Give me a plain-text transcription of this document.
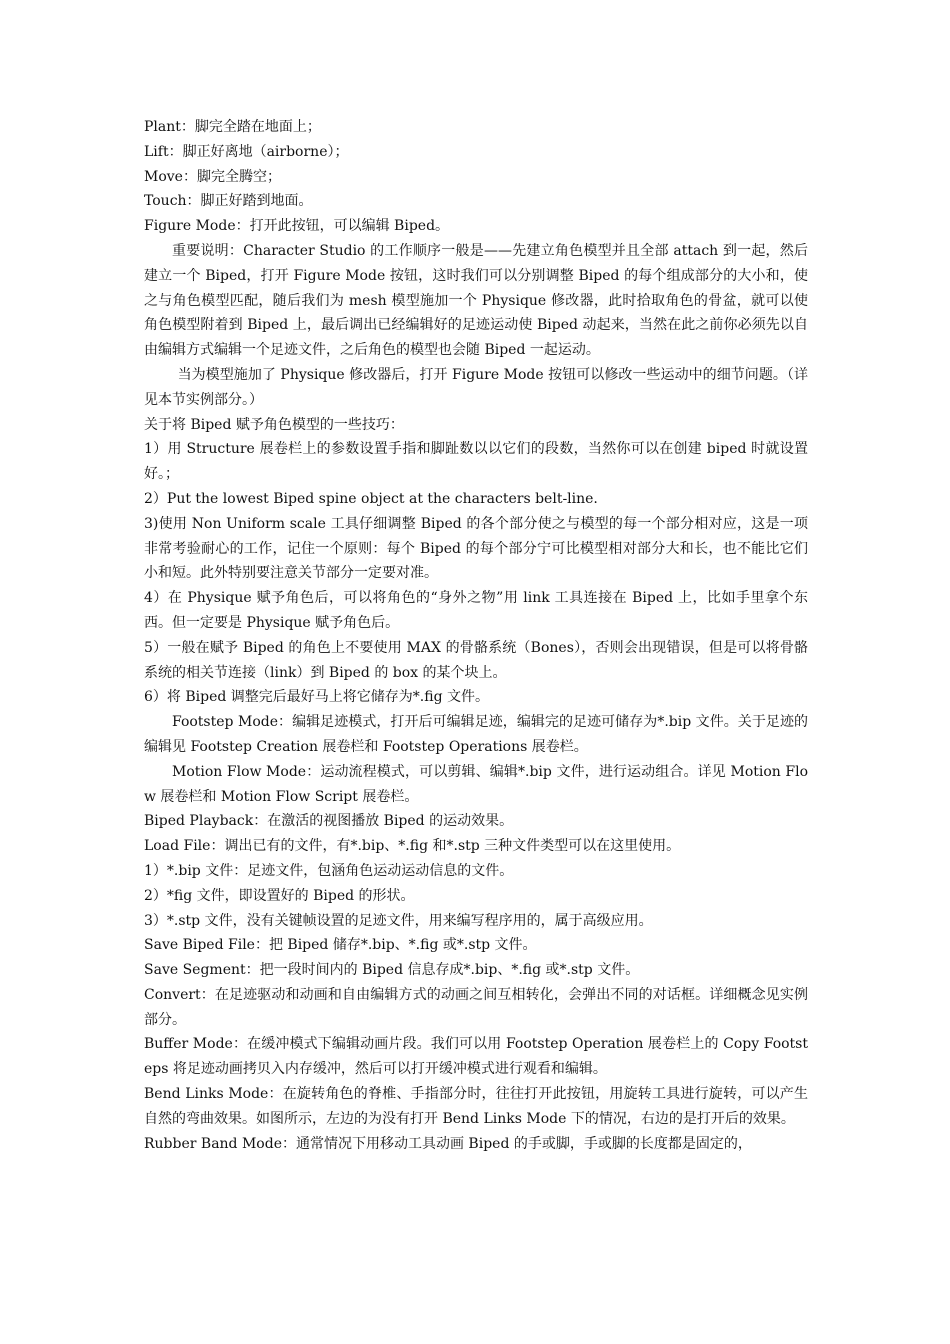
Plant：脚完全踏在地面上；

Lift：脚正好离地（airborne）；

Move：脚完全腾空；

Touch：脚正好踏到地面。

Figure Mode：打开此按钮，可以编辑 Biped。

重要说明：Character Studio 的工作顺序一般是——先建立角色模型并且全部 attach 到一起，然后建立一个 Biped，打开 Figure Mode 按钮，这时我们可以分别调整 Biped 的每个组成部分的大小和，使之与角色模型匹配，随后我们为 mesh 模型施加一个 Physique 修改器，此时拾取角色的骨盆，就可以使角色模型附着到 Biped 上，最后调出已经编辑好的足迹运动使 Biped 动起来，当然在此之前你必须先以自由编辑方式编辑一个足迹文件，之后角色的模型也会随 Biped 一起运动。

当为模型施加了 Physique 修改器后，打开 Figure Mode 按钮可以修改一些运动中的细节问题。（详见本节实例部分。）

关于将 Biped 赋予角色模型的一些技巧：

1）用 Structure 展卷栏上的参数设置手指和脚趾数以以它们的段数，当然你可以在创建 biped 时就设置好。；

2）Put the lowest Biped spine object at the characters belt-line.

3)使用 Non Uniform scale 工具仔细调整 Biped 的各个部分使之与模型的每一个部分相对应，这是一项非常考验耐心的工作，记住一个原则：每个 Biped 的每个部分宁可比模型相对部分大和长，也不能比它们小和短。此外特别要注意关节部分一定要对准。

4）在 Physique 赋予角色后，可以将角色的“身外之物”用 link 工具连接在 Biped 上，比如手里拿个东西。但一定要是 Physique 赋予角色后。

5）一般在赋予 Biped 的角色上不要使用 MAX 的骨骼系统（Bones），否则会出现错误，但是可以将骨骼系统的相关节连接（link）到 Biped 的 box 的某个块上。

6）将 Biped 调整完后最好马上将它储存为*.fig 文件。

Footstep Mode：编辑足迹模式，打开后可编辑足迹，编辑完的足迹可储存为*.bip 文件。关于足迹的编辑见 Footstep Creation 展卷栏和 Footstep Operations 展卷栏。

Motion Flow Mode：运动流程模式，可以剪辑、编辑*.bip 文件，进行运动组合。详见 Motion Flow 展卷栏和 Motion Flow Script 展卷栏。

Biped Playback：在激活的视图播放 Biped 的运动效果。

Load File：调出已有的文件，有*.bip、*.fig 和*.stp 三种文件类型可以在这里使用。

1）*.bip 文件：足迹文件，包涵角色运动运动信息的文件。

2）*fig 文件，即设置好的 Biped 的形状。

3）*.stp 文件，没有关键帧设置的足迹文件，用来编写程序用的，属于高级应用。

Save Biped File：把 Biped 储存*.bip、*.fig 或*.stp 文件。

Save Segment：把一段时间内的 Biped 信息存成*.bip、*.fig 或*.stp 文件。

Convert：在足迹驱动和动画和自由编辑方式的动画之间互相转化，会弹出不同的对话框。详细概念见实例部分。

Buffer Mode：在缓冲模式下编辑动画片段。我们可以用 Footstep Operation 展卷栏上的 Copy Footsteps 将足迹动画拷贝入内存缓冲，然后可以打开缓冲模式进行观看和编辑。

Bend Links Mode：在旋转角色的脊椎、手指部分时，往往打开此按钮，用旋转工具进行旋转，可以产生自然的弯曲效果。如图所示，左边的为没有打开 Bend Links Mode 下的情况，右边的是打开后的效果。

Rubber Band Mode：通常情况下用移动工具动画 Biped 的手或脚，手或脚的长度都是固定的，
